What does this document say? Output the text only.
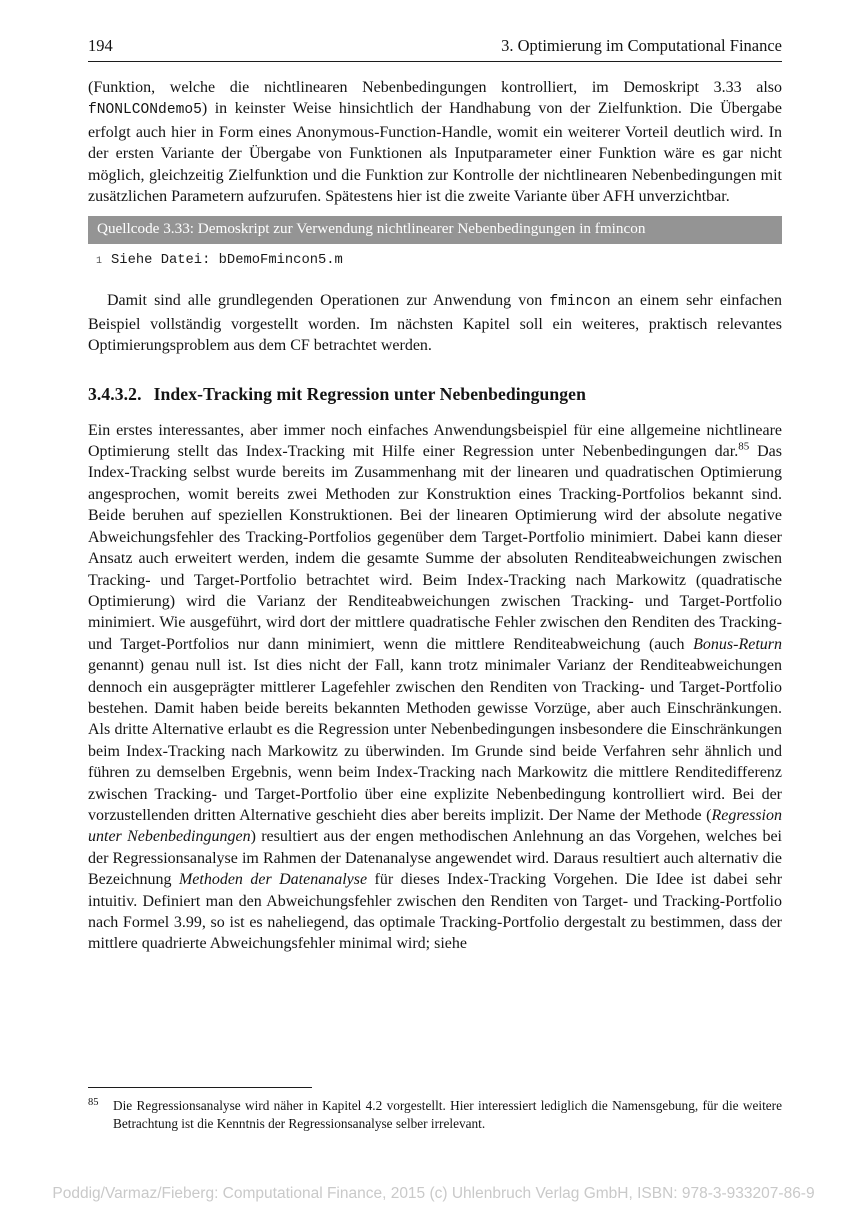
194	3. Optimierung im Computational Finance

(Funktion, welche die nichtlinearen Nebenbedingungen kontrolliert, im Demoskript 3.33 also fNONLCONdemo5) in keinster Weise hinsichtlich der Handhabung von der Zielfunktion. Die Übergabe erfolgt auch hier in Form eines Anonymous-Function-Handle, womit ein weiterer Vorteil deutlich wird. In der ersten Variante der Übergabe von Funktionen als Inputparameter einer Funktion wäre es gar nicht möglich, gleichzeitig Zielfunktion und die Funktion zur Kontrolle der nichtlinearen Nebenbedingungen mit zusätzlichen Parametern aufzurufen. Spätestens hier ist die zweite Variante über AFH unverzichtbar.

Quellcode 3.33: Demoskript zur Verwendung nichtlinearer Nebenbedingungen in fmincon
1 Siehe Datei: bDemoFmincon5.m

Damit sind alle grundlegenden Operationen zur Anwendung von fmincon an einem sehr einfachen Beispiel vollständig vorgestellt worden. Im nächsten Kapitel soll ein weiteres, praktisch relevantes Optimierungsproblem aus dem CF betrachtet werden.

3.4.3.2. Index-Tracking mit Regression unter Nebenbedingungen

Ein erstes interessantes, aber immer noch einfaches Anwendungsbeispiel für eine allgemeine nichtlineare Optimierung stellt das Index-Tracking mit Hilfe einer Regression unter Nebenbedingungen dar.$^{85}$ Das Index-Tracking selbst wurde bereits im Zusammenhang mit der linearen und quadratischen Optimierung angesprochen, womit bereits zwei Methoden zur Konstruktion eines Tracking-Portfolios bekannt sind. Beide beruhen auf speziellen Konstruktionen. Bei der linearen Optimierung wird der absolute negative Abweichungsfehler des Tracking-Portfolios gegenüber dem Target-Portfolio minimiert. Dabei kann dieser Ansatz auch erweitert werden, indem die gesamte Summe der absoluten Renditeabweichungen zwischen Tracking- und Target-Portfolio betrachtet wird. Beim Index-Tracking nach Markowitz (quadratische Optimierung) wird die Varianz der Renditeabweichungen zwischen Tracking- und Target-Portfolio minimiert. Wie ausgeführt, wird dort der mittlere quadratische Fehler zwischen den Renditen des Tracking- und Target-Portfolios nur dann minimiert, wenn die mittlere Renditeabweichung (auch Bonus-Return genannt) genau null ist. Ist dies nicht der Fall, kann trotz minimaler Varianz der Renditeabweichungen dennoch ein ausgeprägter mittlerer Lagefehler zwischen den Renditen von Tracking- und Target-Portfolio bestehen. Damit haben beide bereits bekannten Methoden gewisse Vorzüge, aber auch Einschränkungen. Als dritte Alternative erlaubt es die Regression unter Nebenbedingungen insbesondere die Einschränkungen beim Index-Tracking nach Markowitz zu überwinden. Im Grunde sind beide Verfahren sehr ähnlich und führen zu demselben Ergebnis, wenn beim Index-Tracking nach Markowitz die mittlere Renditedifferenz zwischen Tracking- und Target-Portfolio über eine explizite Nebenbedingung kontrolliert wird. Bei der vorzustellenden dritten Alternative geschieht dies aber bereits implizit. Der Name der Methode (Regression unter Nebenbedingungen) resultiert aus der engen methodischen Anlehnung an das Vorgehen, welches bei der Regressionsanalyse im Rahmen der Datenanalyse angewendet wird. Daraus resultiert auch alternativ die Bezeichnung Methoden der Datenanalyse für dieses Index-Tracking Vorgehen. Die Idee ist dabei sehr intuitiv. Definiert man den Abweichungsfehler zwischen den Renditen von Target- und Tracking-Portfolio nach Formel 3.99, so ist es naheliegend, das optimale Tracking-Portfolio dergestalt zu bestimmen, dass der mittlere quadrierte Abweichungsfehler minimal wird; siehe

85	Die Regressionsanalyse wird näher in Kapitel 4.2 vorgestellt. Hier interessiert lediglich die Namensgebung, für die weitere Betrachtung ist die Kenntnis der Regressionsanalyse selber irrelevant.
Poddig/Varmaz/Fieberg: Computational Finance, 2015 (c) Uhlenbruch Verlag GmbH, ISBN: 978-3-933207-86-9
